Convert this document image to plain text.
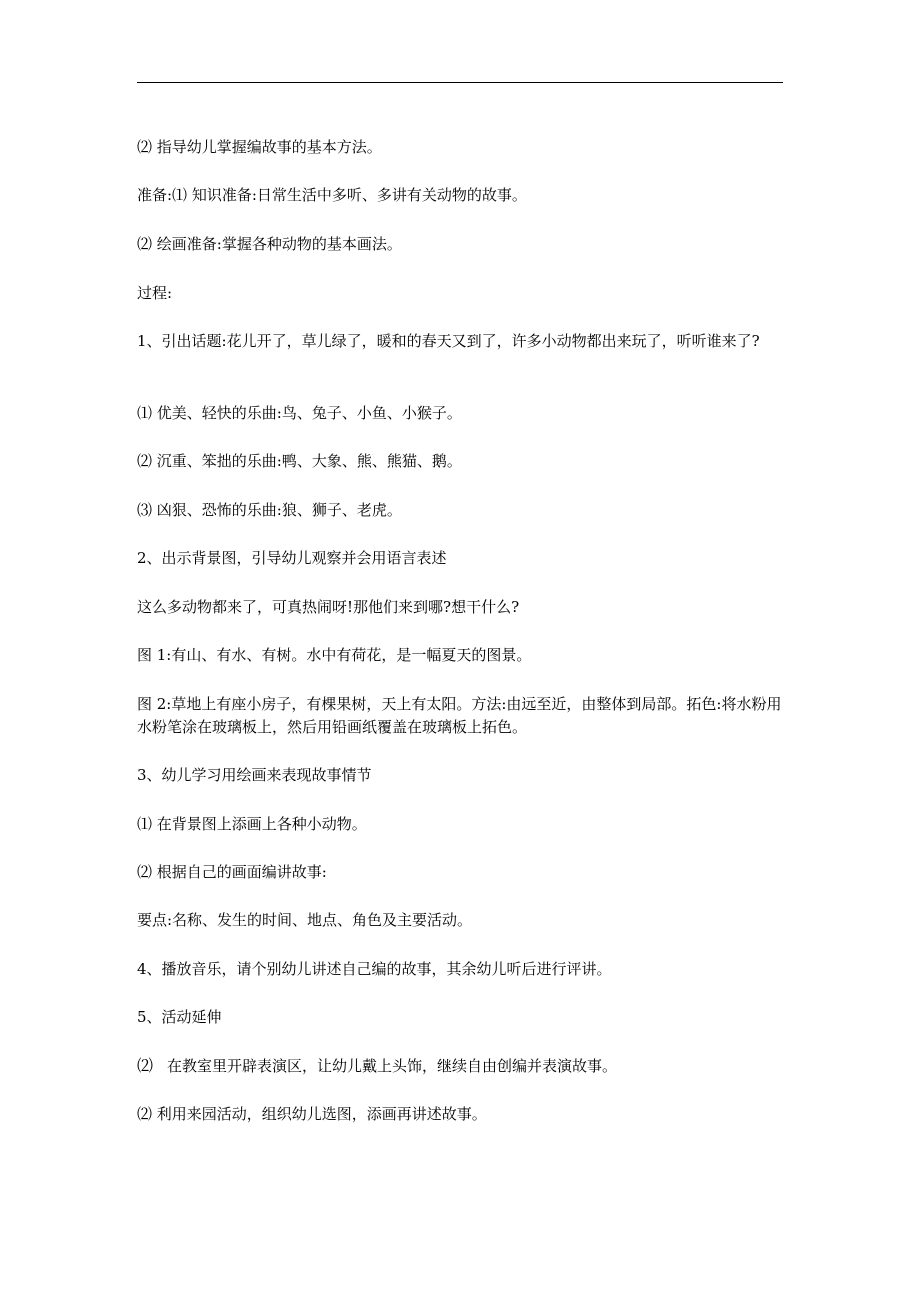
⑵ 指导幼儿掌握编故事的基本方法。
准备:⑴ 知识准备:日常生活中多听、多讲有关动物的故事。
⑵ 绘画准备:掌握各种动物的基本画法。
过程:
1、引出话题:花儿开了，草儿绿了，暖和的春天又到了，许多小动物都出来玩了，听听谁来了?
⑴ 优美、轻快的乐曲:鸟、兔子、小鱼、小猴子。
⑵ 沉重、笨拙的乐曲:鸭、大象、熊、熊猫、鹅。
⑶ 凶狠、恐怖的乐曲:狼、狮子、老虎。
2、出示背景图，引导幼儿观察并会用语言表述
这么多动物都来了，可真热闹呀!那他们来到哪?想干什么?
图 1:有山、有水、有树。水中有荷花，是一幅夏天的图景。
图 2:草地上有座小房子，有棵果树，天上有太阳。方法:由远至近，由整体到局部。拓色:将水粉用水粉笔涂在玻璃板上，然后用铅画纸覆盖在玻璃板上拓色。
3、幼儿学习用绘画来表现故事情节
⑴ 在背景图上添画上各种小动物。
⑵ 根据自己的画面编讲故事:
要点:名称、发生的时间、地点、角色及主要活动。
4、播放音乐，请个别幼儿讲述自己编的故事，其余幼儿听后进行评讲。
5、活动延伸
⑵ 在教室里开辟表演区，让幼儿戴上头饰，继续自由创编并表演故事。
⑵ 利用来园活动，组织幼儿选图，添画再讲述故事。
